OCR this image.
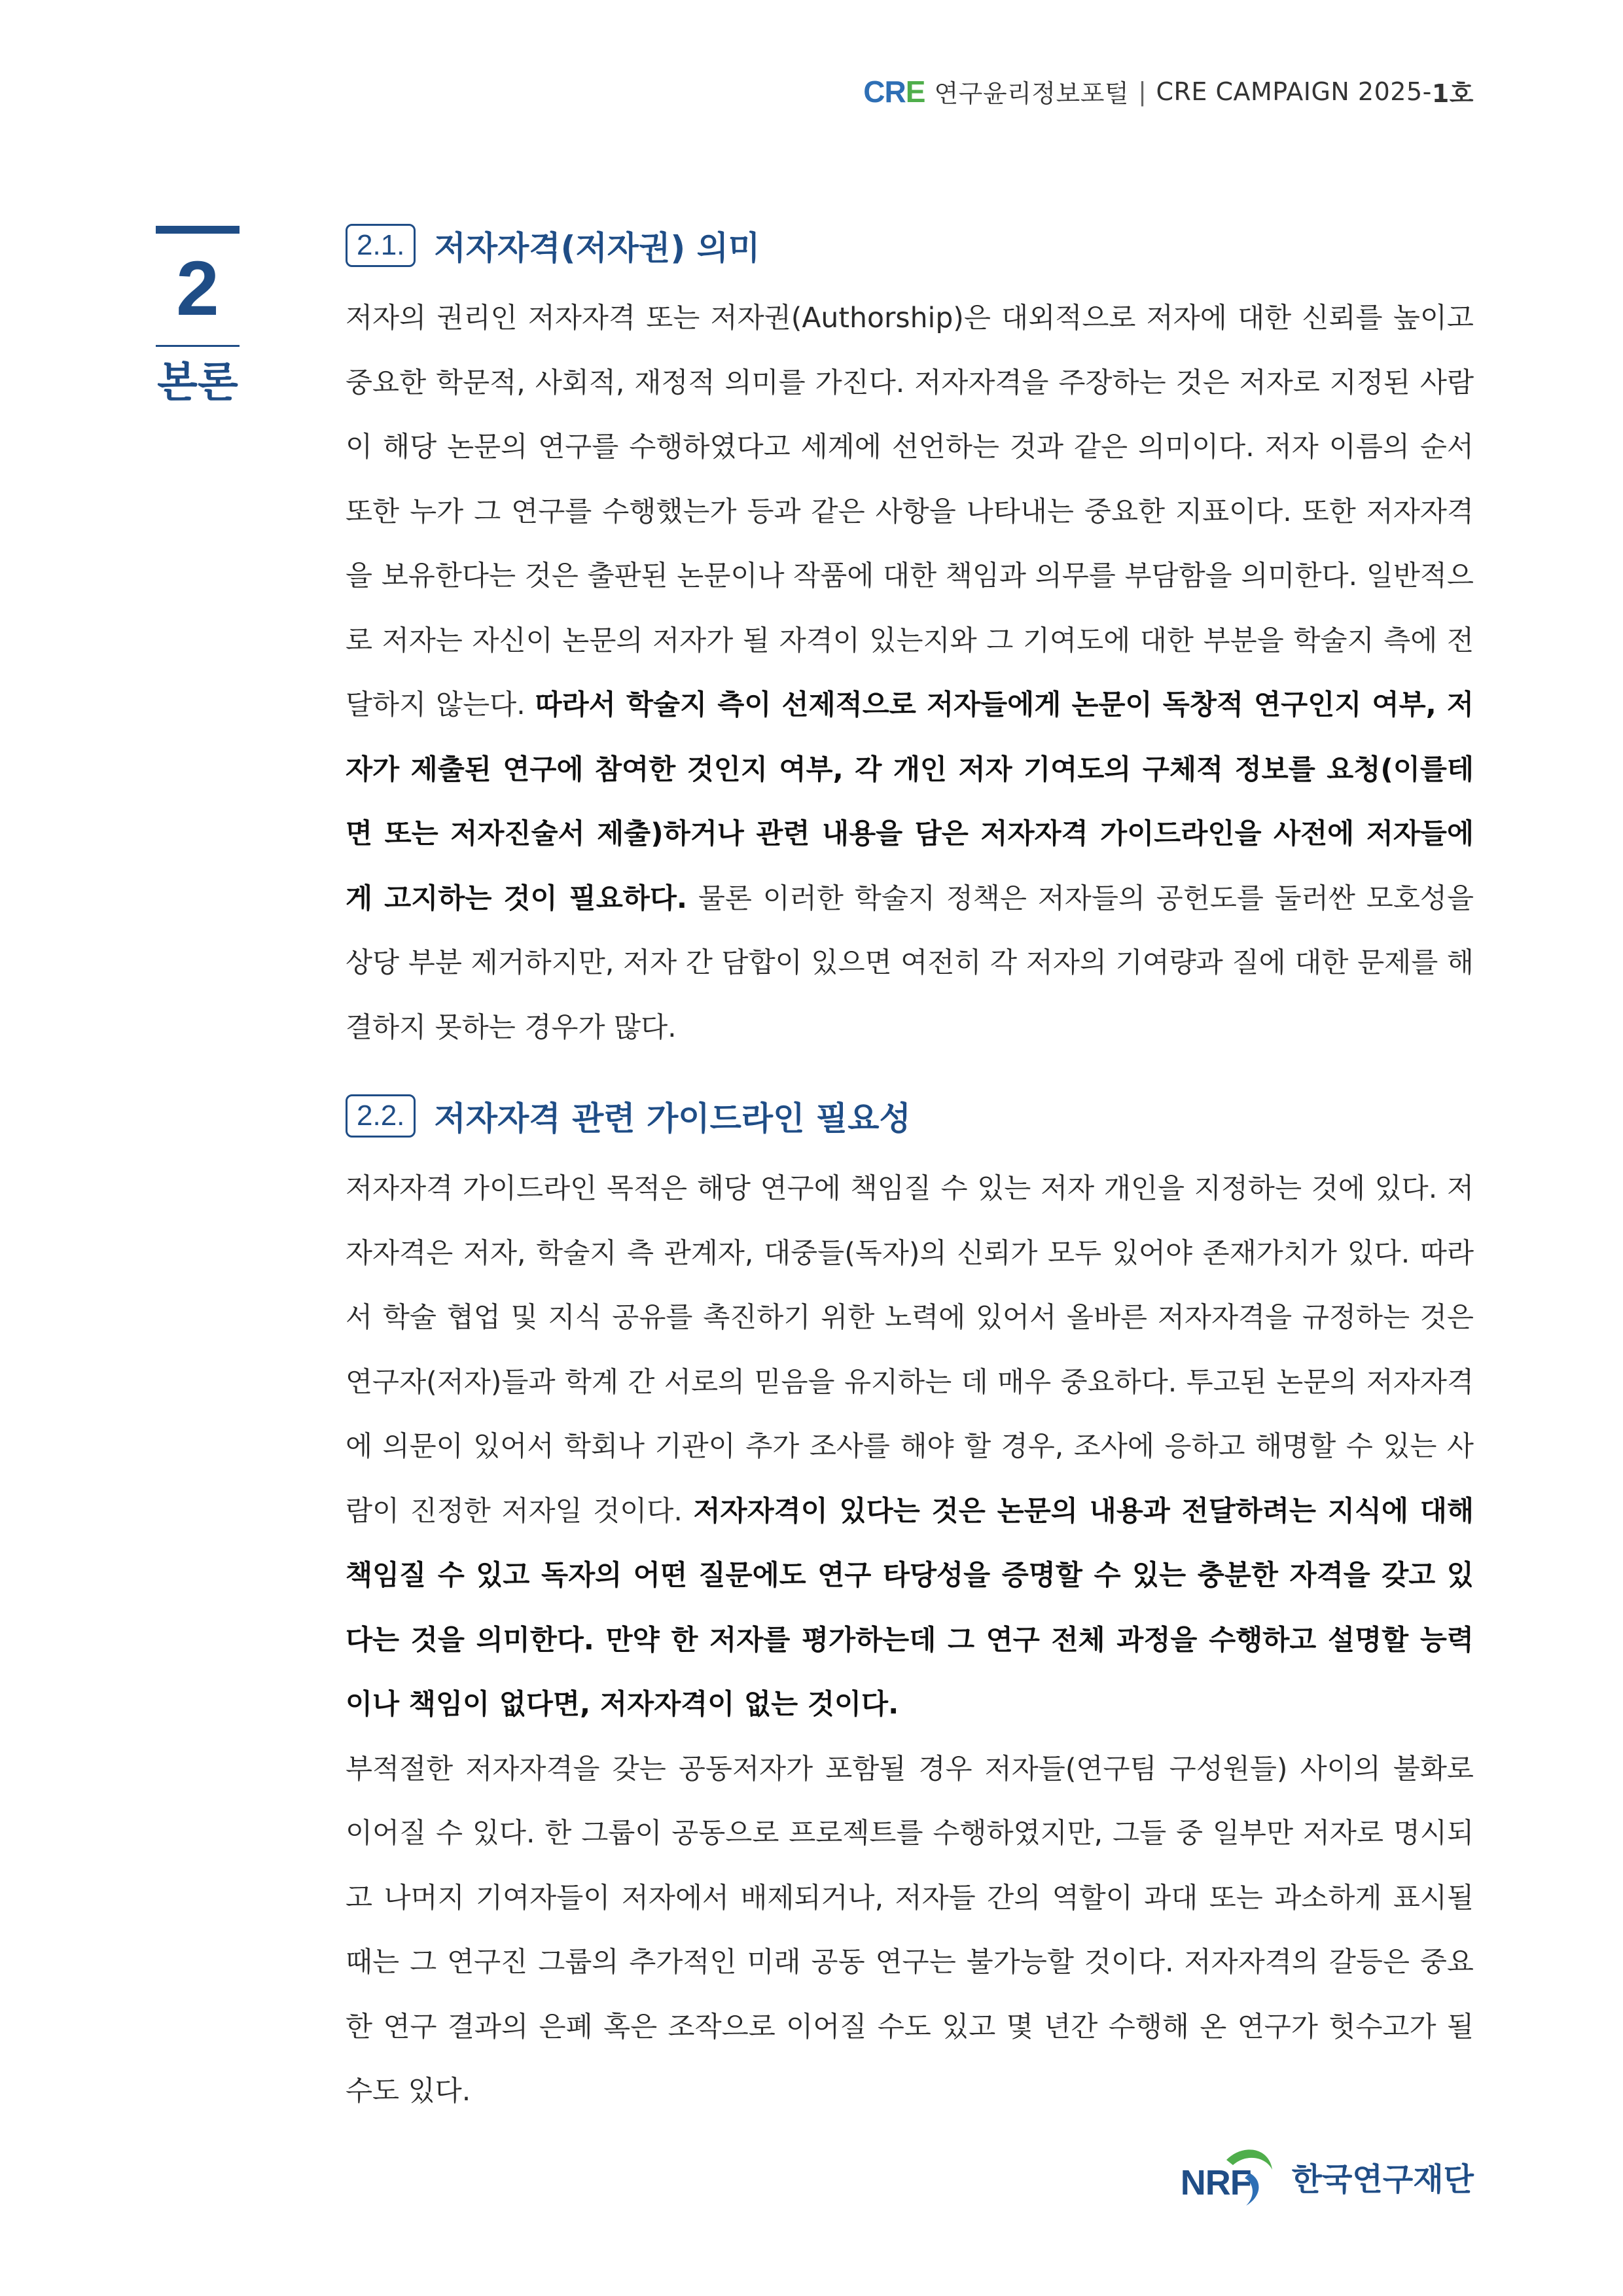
CRE 연구윤리정보포털 | CRE CAMPAIGN 2025- 1호
2
본론
2.1. 저자자격(저자권) 의미

저자의 권리인 저자자격 또는 저자권(Authorship)은 대외적으로 저자에 대한 신뢰를 높이고 중요한 학문적, 사회적, 재정적 의미를 가진다. 저자자격을 주장하는 것은 저자로 지정된 사람이 해당 논문의 연구를 수행하였다고 세계에 선언하는 것과 같은 의미이다. 저자 이름의 순서 또한 누가 그 연구를 수행했는가 등과 같은 사항을 나타내는 중요한 지표이다. 또한 저자자격을 보유한다는 것은 출판된 논문이나 작품에 대한 책임과 의무를 부담함을 의미한다. 일반적으로 저자는 자신이 논문의 저자가 될 자격이 있는지와 그 기여도에 대한 부분을 학술지 측에 전달하지 않는다. 따라서 학술지 측이 선제적으로 저자들에게 논문이 독창적 연구인지 여부, 저자가 제출된 연구에 참여한 것인지 여부, 각 개인 저자 기여도의 구체적 정보를 요청(이를테면 또는 저자진술서 제출)하거나 관련 내용을 담은 저자자격 가이드라인을 사전에 저자들에게 고지하는 것이 필요하다. 물론 이러한 학술지 정책은 저자들의 공헌도를 둘러싼 모호성을 상당 부분 제거하지만, 저자 간 담합이 있으면 여전히 각 저자의 기여량과 질에 대한 문제를 해결하지 못하는 경우가 많다.

2.2. 저자자격 관련 가이드라인 필요성

저자자격 가이드라인 목적은 해당 연구에 책임질 수 있는 저자 개인을 지정하는 것에 있다. 저자자격은 저자, 학술지 측 관계자, 대중들(독자)의 신뢰가 모두 있어야 존재가치가 있다. 따라서 학술 협업 및 지식 공유를 촉진하기 위한 노력에 있어서 올바른 저자자격을 규정하는 것은 연구자(저자)들과 학계 간 서로의 믿음을 유지하는 데 매우 중요하다. 투고된 논문의 저자자격에 의문이 있어서 학회나 기관이 추가 조사를 해야 할 경우, 조사에 응하고 해명할 수 있는 사람이 진정한 저자일 것이다. 저자자격이 있다는 것은 논문의 내용과 전달하려는 지식에 대해 책임질 수 있고 독자의 어떤 질문에도 연구 타당성을 증명할 수 있는 충분한 자격을 갖고 있다는 것을 의미한다. 만약 한 저자를 평가하는데 그 연구 전체 과정을 수행하고 설명할 능력이나 책임이 없다면, 저자자격이 없는 것이다.

부적절한 저자자격을 갖는 공동저자가 포함될 경우 저자들(연구팀 구성원들) 사이의 불화로 이어질 수 있다. 한 그룹이 공동으로 프로젝트를 수행하였지만, 그들 중 일부만 저자로 명시되고 나머지 기여자들이 저자에서 배제되거나, 저자들 간의 역할이 과대 또는 과소하게 표시될 때는 그 연구진 그룹의 추가적인 미래 공동 연구는 불가능할 것이다. 저자자격의 갈등은 중요한 연구 결과의 은폐 혹은 조작으로 이어질 수도 있고 몇 년간 수행해 온 연구가 헛수고가 될 수도 있다.

NRF 한국연구재단
